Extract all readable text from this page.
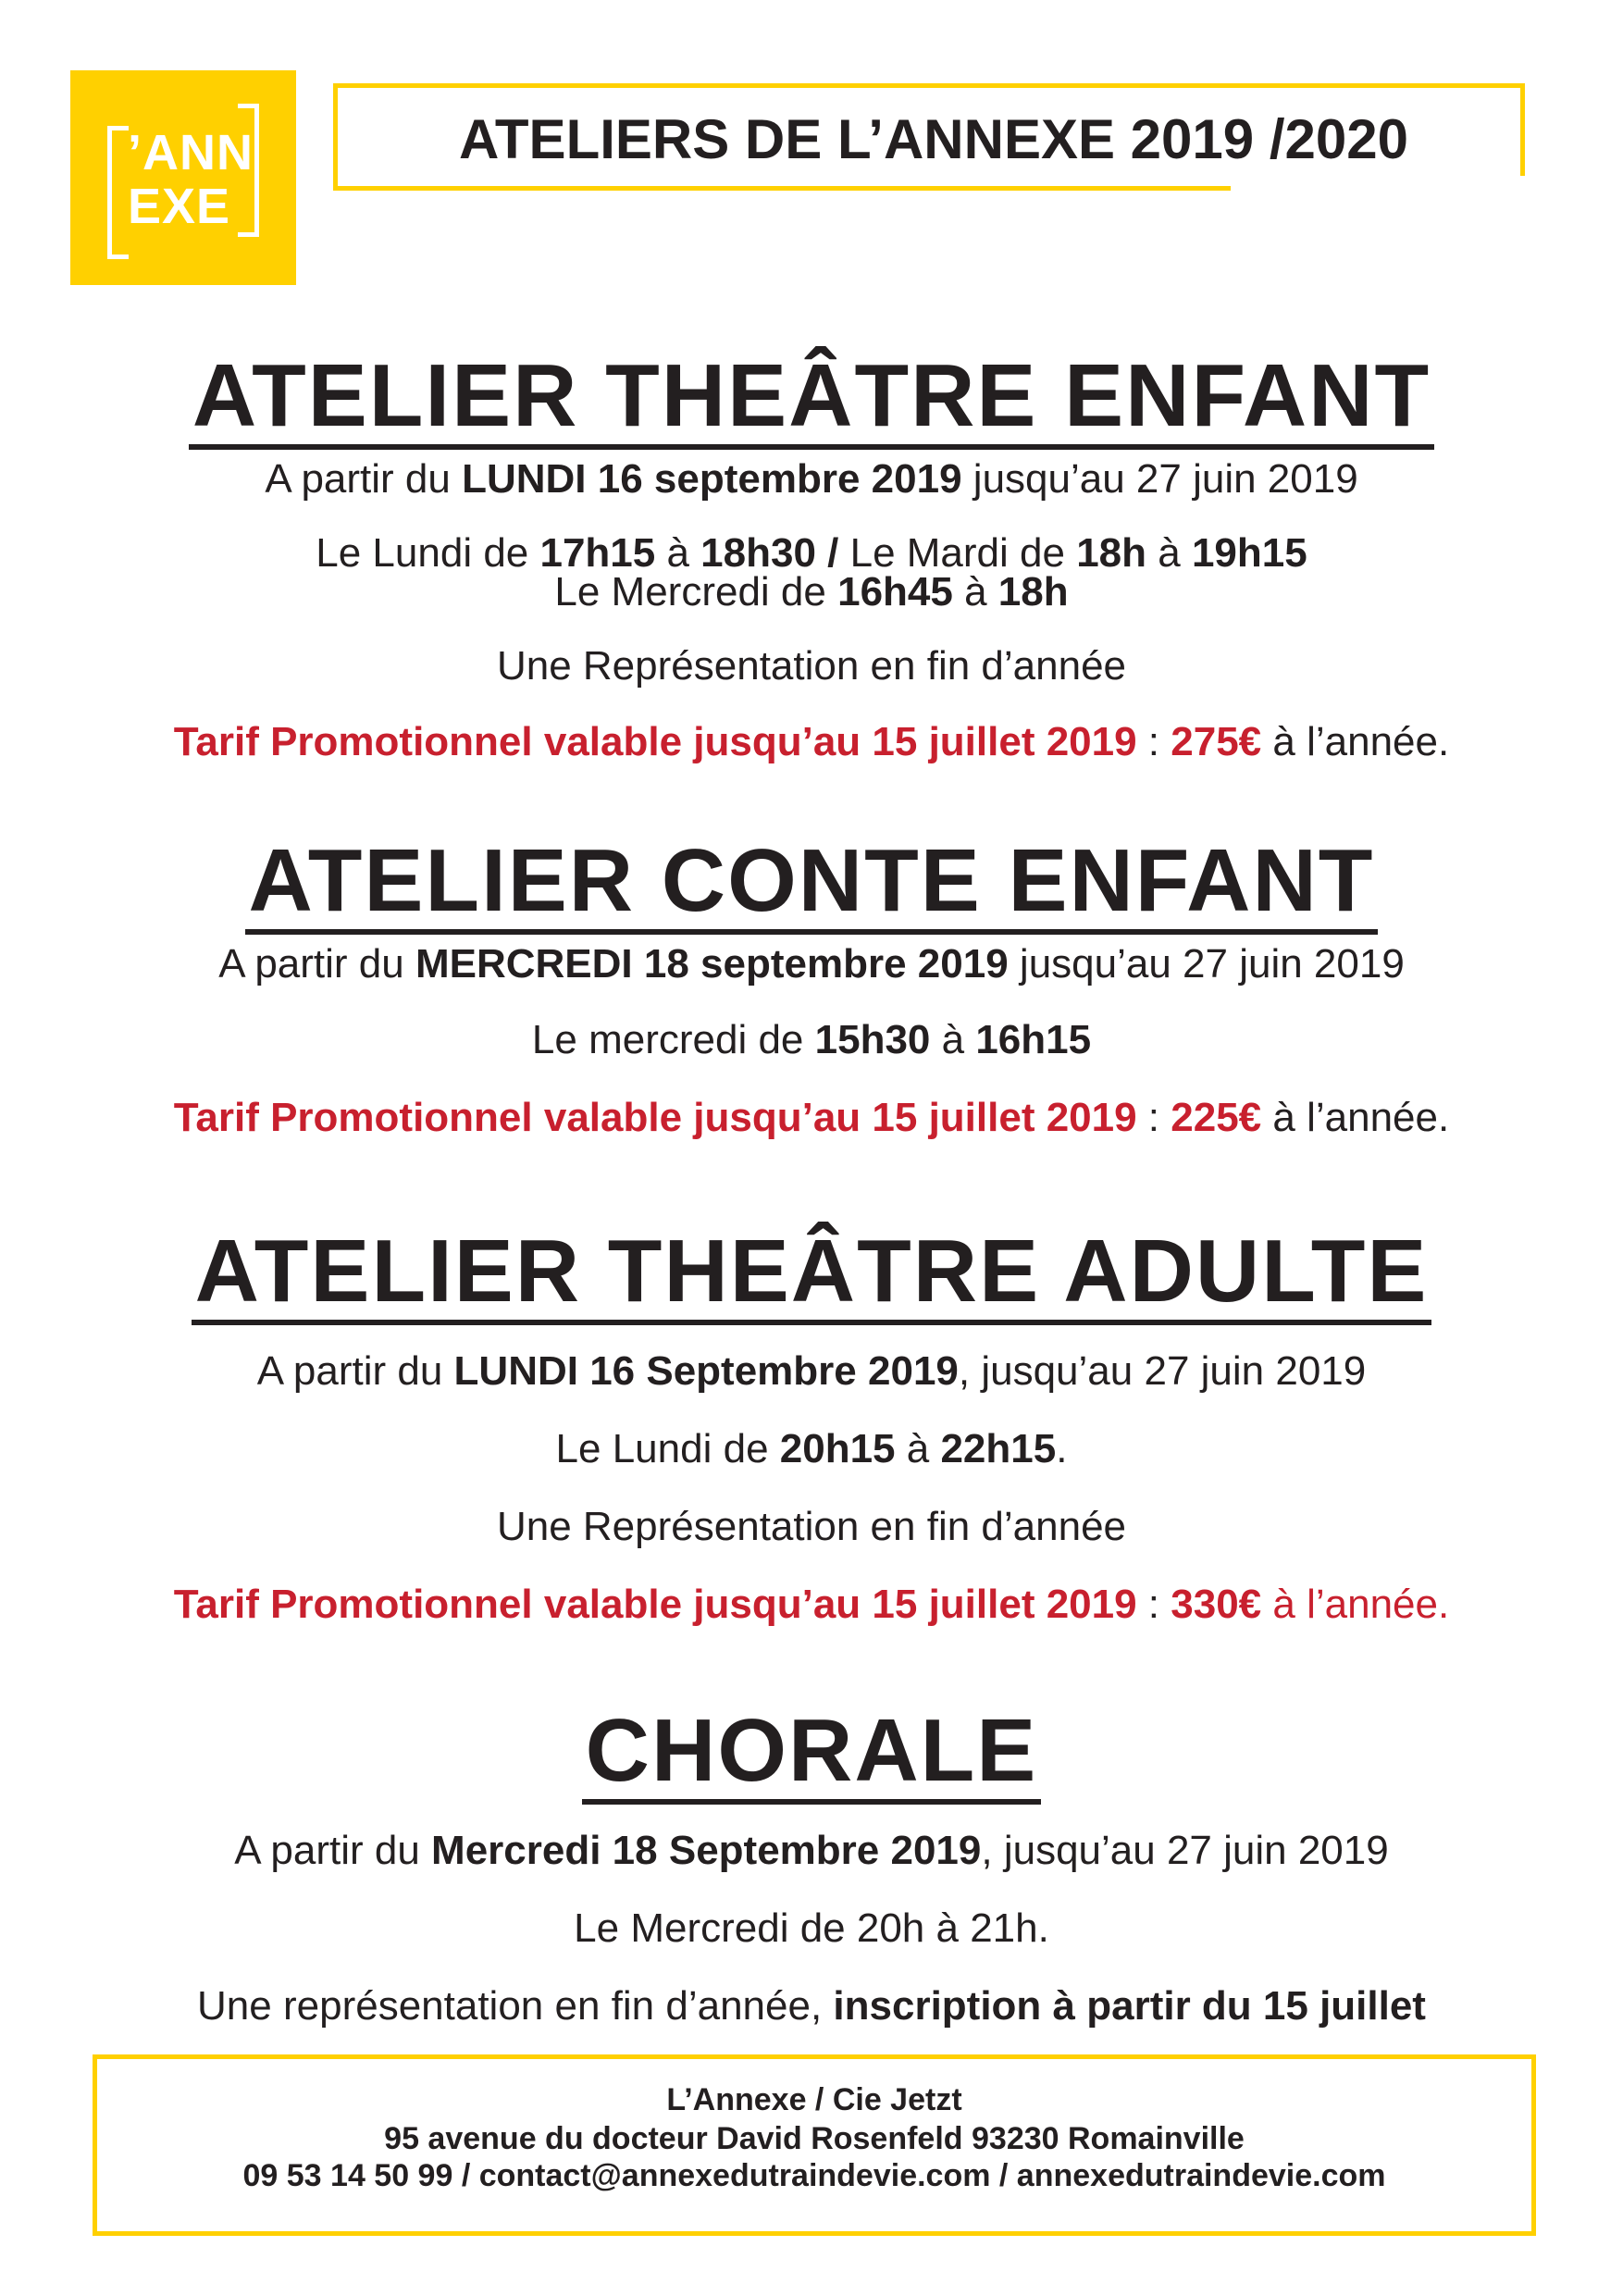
’ANN
EXE
ATELIERS DE L’ANNEXE 2019 /2020
ATELIER THEÂTRE ENFANT
A partir du LUNDI 16 septembre 2019 jusqu’au 27 juin 2019
Le Lundi de 17h15 à 18h30 / Le Mardi de 18h à 19h15
Le Mercredi de 16h45 à 18h
Une Représentation en fin d’année
Tarif Promotionnel valable jusqu’au 15 juillet 2019 : 275€ à l’année.
ATELIER CONTE ENFANT
A partir du MERCREDI 18 septembre 2019 jusqu’au 27 juin 2019
Le mercredi de 15h30 à 16h15
Tarif Promotionnel valable jusqu’au 15 juillet 2019 : 225€ à l’année.
ATELIER THEÂTRE ADULTE
A partir du LUNDI 16 Septembre 2019, jusqu’au 27 juin 2019
Le Lundi de 20h15 à 22h15.
Une Représentation en fin d’année
Tarif Promotionnel valable jusqu’au 15 juillet 2019 : 330€ à l’année.
CHORALE
A partir du Mercredi 18 Septembre 2019, jusqu’au 27 juin 2019
Le Mercredi de 20h à 21h.
Une représentation en fin d’année, inscription à partir du 15 juillet
L’Annexe / Cie Jetzt
95 avenue du docteur David Rosenfeld 93230 Romainville
09 53 14 50 99 / contact@annexedutraindevie.com / annexedutraindevie.com
